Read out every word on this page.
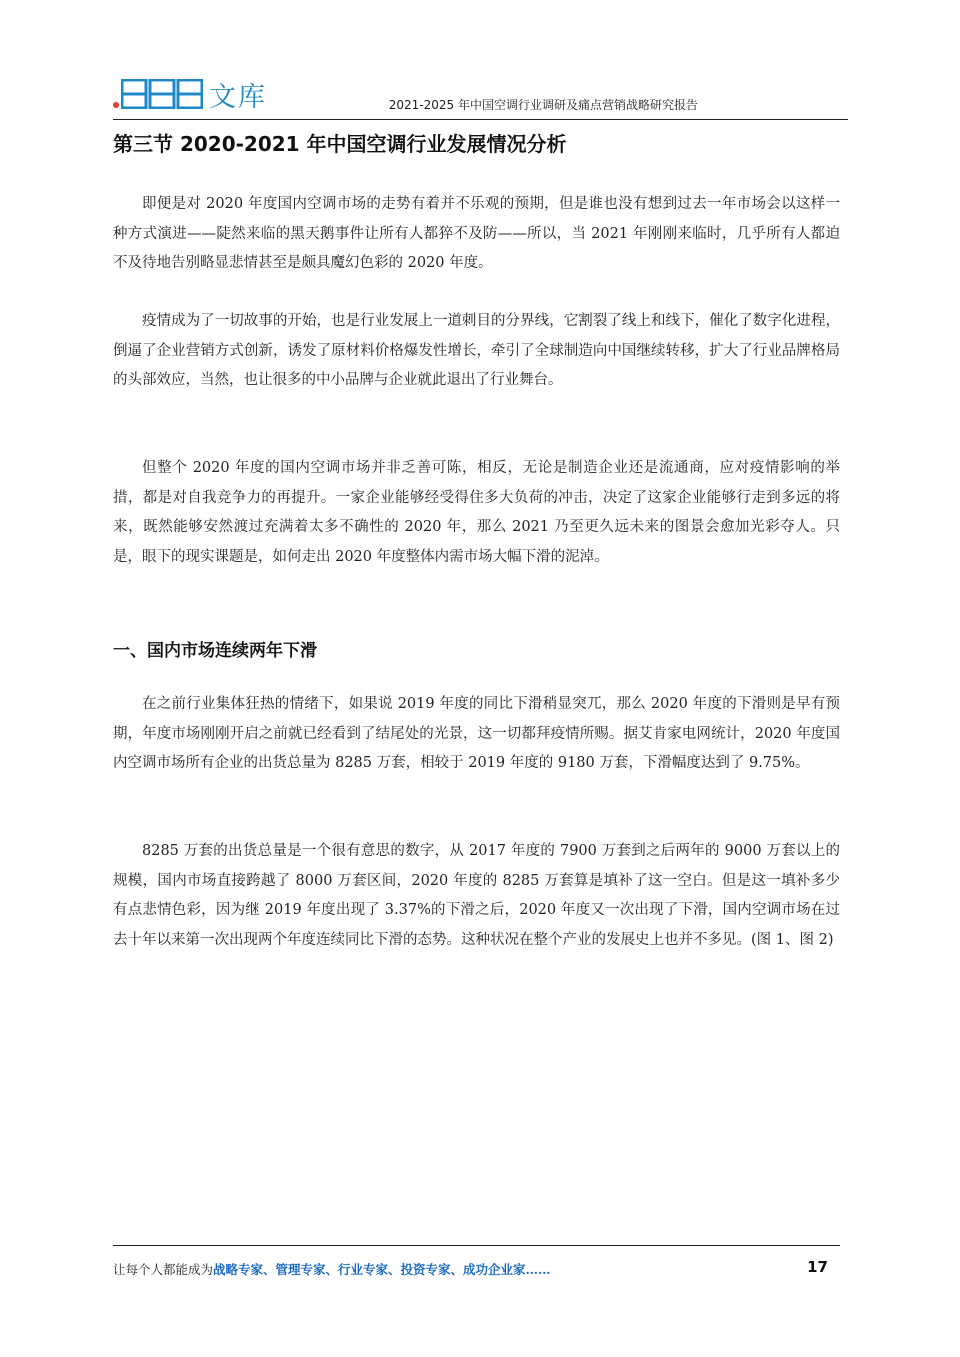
文库	2021-2025 年中国空调行业调研及痛点营销战略研究报告
第三节 2020-2021 年中国空调行业发展情况分析

即便是对 2020 年度国内空调市场的走势有着并不乐观的预期，但是谁也没有想到过去一年市场会以这样一种方式演进——陡然来临的黑天鹅事件让所有人都猝不及防——所以，当 2021 年刚刚来临时，几乎所有人都迫不及待地告别略显悲情甚至是颇具魔幻色彩的 2020 年度。

疫情成为了一切故事的开始，也是行业发展上一道刺目的分界线，它割裂了线上和线下，催化了数字化进程，倒逼了企业营销方式创新，诱发了原材料价格爆发性增长，牵引了全球制造向中国继续转移，扩大了行业品牌格局的头部效应，当然，也让很多的中小品牌与企业就此退出了行业舞台。

但整个 2020 年度的国内空调市场并非乏善可陈，相反，无论是制造企业还是流通商，应对疫情影响的举措，都是对自我竞争力的再提升。一家企业能够经受得住多大负荷的冲击，决定了这家企业能够行走到多远的将来，既然能够安然渡过充满着太多不确性的 2020 年，那么 2021 乃至更久远未来的图景会愈加光彩夺人。只是，眼下的现实课题是，如何走出 2020 年度整体内需市场大幅下滑的泥淖。

一、国内市场连续两年下滑

在之前行业集体狂热的情绪下，如果说 2019 年度的同比下滑稍显突兀，那么 2020 年度的下滑则是早有预期，年度市场刚刚开启之前就已经看到了结尾处的光景，这一切都拜疫情所赐。据艾肯家电网统计，2020 年度国内空调市场所有企业的出货总量为 8285 万套，相较于 2019 年度的 9180 万套，下滑幅度达到了 9.75%。

8285 万套的出货总量是一个很有意思的数字，从 2017 年度的 7900 万套到之后两年的 9000 万套以上的规模，国内市场直接跨越了 8000 万套区间，2020 年度的 8285 万套算是填补了这一空白。但是这一填补多少有点悲情色彩，因为继 2019 年度出现了 3.37%的下滑之后，2020 年度又一次出现了下滑，国内空调市场在过去十年以来第一次出现两个年度连续同比下滑的态势。这种状况在整个产业的发展史上也并不多见。(图 1、图 2)

让每个人都能成为战略专家、管理专家、行业专家、投资专家、成功企业家……	17
